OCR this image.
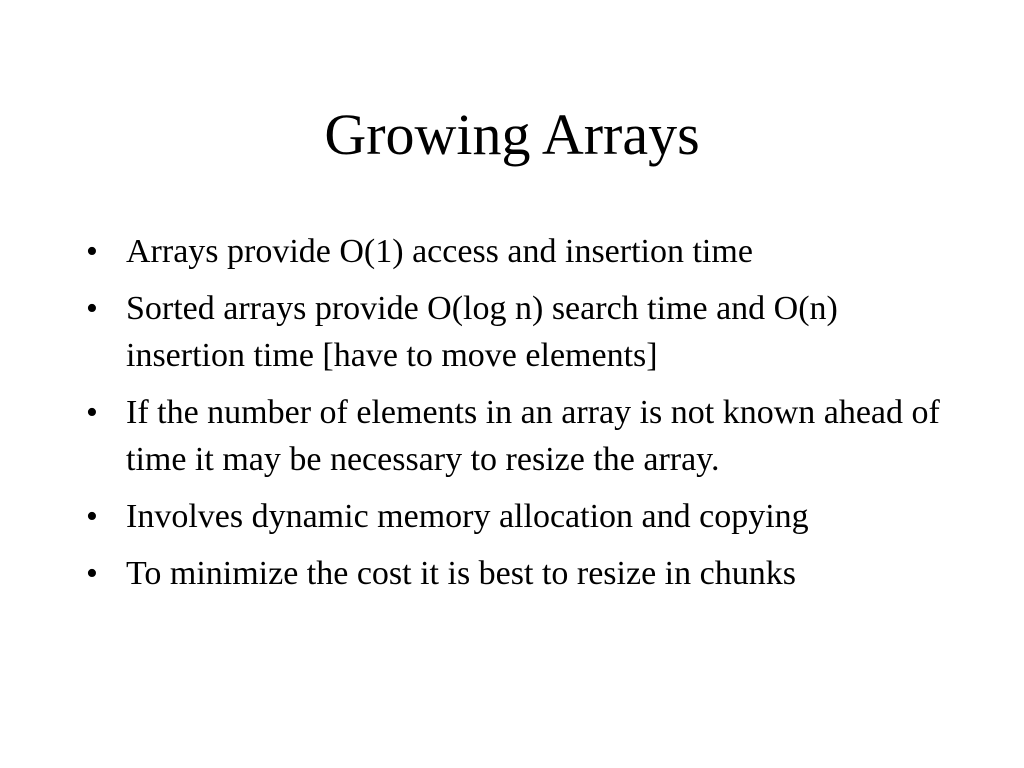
Growing Arrays
• Arrays provide O(1) access and insertion time
• Sorted arrays provide O(log n) search time and O(n) insertion time [have to move elements]
• If the number of elements in an array is not known ahead of time it may be necessary to resize the array.
• Involves dynamic memory allocation and copying
• To minimize the cost it is best to resize in chunks
